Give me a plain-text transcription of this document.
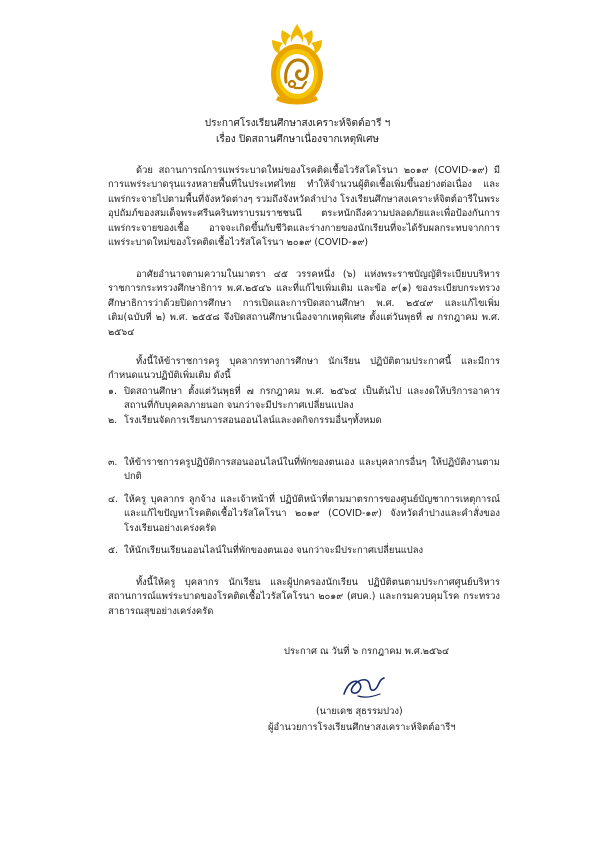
ประกาศโรงเรียนศึกษาสงเคราะห์จิตต์อารี ฯ
เรื่อง ปิดสถานศึกษาเนื่องจากเหตุพิเศษ

ด้วย สถานการณ์การแพร่ระบาดใหม่ของโรคติดเชื้อไวรัสโคโรนา ๒๐๑๙ (COVID-๑๙) มีการแพร่ระบาดรุนแรงหลายพื้นที่ในประเทศไทย ทำให้จำนวนผู้ติดเชื้อเพิ่มขึ้นอย่างต่อเนื่อง และแพร่กระจายไปตามพื้นที่จังหวัดต่างๆ รวมถึงจังหวัดลำปาง โรงเรียนศึกษาสงเคราะห์จิตต์อารีในพระอุปถัมภ์ของสมเด็จพระศรีนครินทราบรมราชชนนี ตระหนักถึงความปลอดภัยและเพื่อป้องกันการแพร่กระจายของเชื้อ อาจจะเกิดขึ้นกับชีวิตและร่างกายของนักเรียนที่จะได้รับผลกระทบจากการแพร่ระบาดใหม่ของโรคติดเชื้อไวรัสโคโรนา ๒๐๑๙ (COVID-๑๙)

อาศัยอำนาจตามความในมาตรา ๔๕ วรรคหนึ่ง (๖) แห่งพระราชบัญญัติระเบียบบริหารราชการกระทรวงศึกษาธิการ พ.ศ.๒๕๔๖ และที่แก้ไขเพิ่มเติม และข้อ ๙(๑) ของระเบียบกระทรวงศึกษาธิการว่าด้วยปิดการศึกษา การเปิดและการปิดสถานศึกษา พ.ศ. ๒๕๔๙ และแก้ไขเพิ่มเติม(ฉบับที่ ๒) พ.ศ. ๒๕๕๘ จึงปิดสถานศึกษาเนื่องจากเหตุพิเศษ ตั้งแต่วันพุธที่ ๗ กรกฎาคม พ.ศ. ๒๕๖๔

ทั้งนี้ให้ข้าราชการครู บุคลากรทางการศึกษา นักเรียน ปฏิบัติตามประกาศนี้ และมีการกำหนดแนวปฏิบัติเพิ่มเติม ดังนี้

๑. ปิดสถานศึกษา ตั้งแต่วันพุธที่ ๗ กรกฎาคม พ.ศ. ๒๕๖๔ เป็นต้นไป และงดให้บริการอาคารสถานที่กับบุคคลภายนอก จนกว่าจะมีประกาศเปลี่ยนแปลง
๒. โรงเรียนจัดการเรียนการสอนออนไลน์และงดกิจกรรมอื่นๆทั้งหมด
๓. ให้ข้าราชการครูปฏิบัติการสอนออนไลน์ในที่พักของตนเอง และบุคลากรอื่นๆ ให้ปฏิบัติงานตามปกติ
๔. ให้ครู บุคลากร ลูกจ้าง และเจ้าหน้าที่ ปฏิบัติหน้าที่ตามมาตรการของศูนย์บัญชาการเหตุการณ์และแก้ไขปัญหาโรคติดเชื้อไวรัสโคโรนา ๒๐๑๙ (COVID-๑๙) จังหวัดลำปางและคำสั่งของโรงเรียนอย่างเคร่งครัด
๕. ให้นักเรียนเรียนออนไลน์ในที่พักของตนเอง จนกว่าจะมีประกาศเปลี่ยนแปลง

ทั้งนี้ให้ครู บุคลากร นักเรียน และผู้ปกครองนักเรียน ปฏิบัติตนตามประกาศศูนย์บริหารสถานการณ์แพร่ระบาดของโรคติดเชื้อไวรัสโคโรนา ๒๐๑๙ (ศบค.) และกรมควบคุมโรค กระทรวงสาธารณสุขอย่างเคร่งครัด

ประกาศ ณ วันที่ ๖ กรกฎาคม พ.ศ.๒๕๖๔
(นายเดช สุธรรมปวง)
ผู้อำนวยการโรงเรียนศึกษาสงเคราะห์จิตต์อารีฯ
